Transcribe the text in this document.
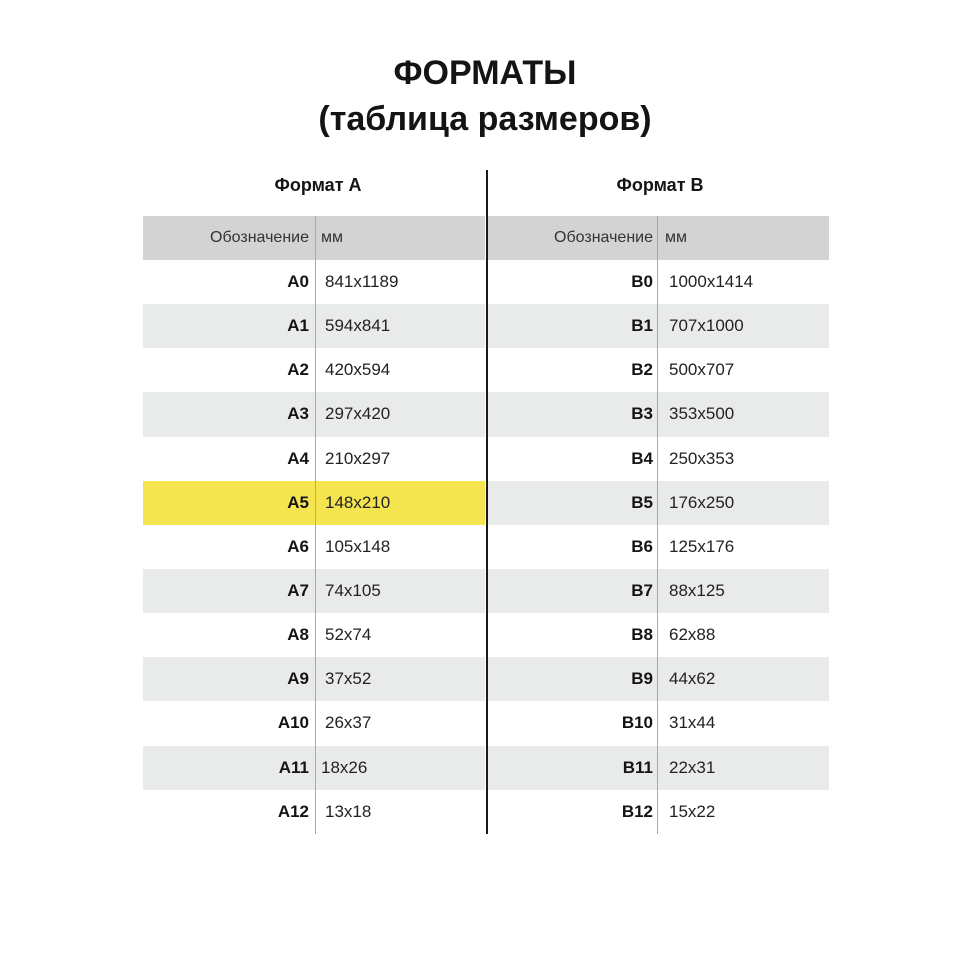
ФОРМАТЫ
(таблица размеров)
Формат А	Формат В
Обозначение мм
A0 841x1189
A1 594x841
A2 420x594
A3 297x420
A4 210x297
A5 148x210
A6 105x148
A7 74x105
A8 52x74
A9 37x52
A10 26x37
A11 18x26
A12 13x18
Обозначение мм
B0 1000x1414
B1 707x1000
B2 500x707
B3 353x500
B4 250x353
B5 176x250
B6 125x176
B7 88x125
B8 62x88
B9 44x62
B10 31x44
B11 22x31
B12 15x22
